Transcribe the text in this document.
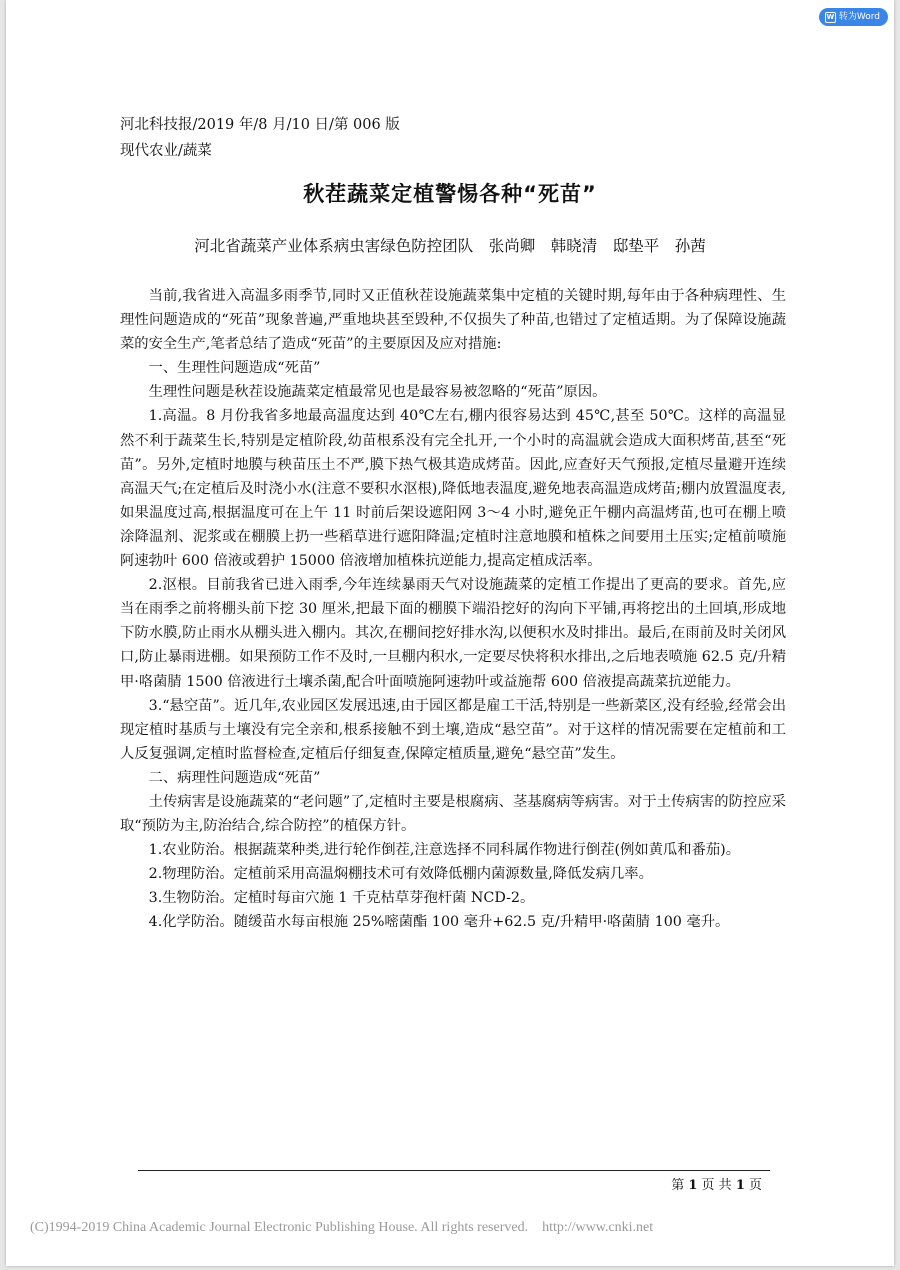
W 转为Word
河北科技报/2019 年/8 月/10 日/第 006 版
现代农业/蔬菜
秋茬蔬菜定植警惕各种“死苗”
河北省蔬菜产业体系病虫害绿色防控团队　张尚卿　韩晓清　邸垫平　孙茜

当前,我省进入高温多雨季节,同时又正值秋茬设施蔬菜集中定植的关键时期,每年由于各种病理性、生理性问题造成的“死苗”现象普遍,严重地块甚至毁种,不仅损失了种苗,也错过了定植适期。为了保障设施蔬菜的安全生产,笔者总结了造成“死苗”的主要原因及应对措施:

一、生理性问题造成“死苗”

生理性问题是秋茬设施蔬菜定植最常见也是最容易被忽略的“死苗”原因。

1.高温。8 月份我省多地最高温度达到 40℃左右,棚内很容易达到 45℃,甚至 50℃。这样的高温显然不利于蔬菜生长,特别是定植阶段,幼苗根系没有完全扎开,一个小时的高温就会造成大面积烤苗,甚至“死苗”。另外,定植时地膜与秧苗压土不严,膜下热气极其造成烤苗。因此,应查好天气预报,定植尽量避开连续高温天气;在定植后及时浇小水(注意不要积水沤根),降低地表温度,避免地表高温造成烤苗;棚内放置温度表,如果温度过高,根据温度可在上午 11 时前后架设遮阳网 3～4 小时,避免正午棚内高温烤苗,也可在棚上喷涂降温剂、泥浆或在棚膜上扔一些稻草进行遮阳降温;定植时注意地膜和植株之间要用土压实;定植前喷施阿速勃叶 600 倍液或碧护 15000 倍液增加植株抗逆能力,提高定植成活率。

2.沤根。目前我省已进入雨季,今年连续暴雨天气对设施蔬菜的定植工作提出了更高的要求。首先,应当在雨季之前将棚头前下挖 30 厘米,把最下面的棚膜下端沿挖好的沟向下平铺,再将挖出的土回填,形成地下防水膜,防止雨水从棚头进入棚内。其次,在棚间挖好排水沟,以便积水及时排出。最后,在雨前及时关闭风口,防止暴雨进棚。如果预防工作不及时,一旦棚内积水,一定要尽快将积水排出,之后地表喷施 62.5 克/升精甲·咯菌腈 1500 倍液进行土壤杀菌,配合叶面喷施阿速勃叶或益施帮 600 倍液提高蔬菜抗逆能力。

3.“悬空苗”。近几年,农业园区发展迅速,由于园区都是雇工干活,特别是一些新菜区,没有经验,经常会出现定植时基质与土壤没有完全亲和,根系接触不到土壤,造成“悬空苗”。对于这样的情况需要在定植前和工人反复强调,定植时监督检查,定植后仔细复查,保障定植质量,避免“悬空苗”发生。

二、病理性问题造成“死苗”

土传病害是设施蔬菜的“老问题”了,定植时主要是根腐病、茎基腐病等病害。对于土传病害的防控应采取“预防为主,防治结合,综合防控”的植保方针。

1.农业防治。根据蔬菜种类,进行轮作倒茬,注意选择不同科属作物进行倒茬(例如黄瓜和番茄)。

2.物理防治。定植前采用高温焖棚技术可有效降低棚内菌源数量,降低发病几率。

3.生物防治。定植时每亩穴施 1 千克枯草芽孢杆菌 NCD-2。

4.化学防治。随缓苗水每亩根施 25%嘧菌酯 100 毫升+62.5 克/升精甲·咯菌腈 100 毫升。

第 1 页 共 1 页
(C)1994-2019 China Academic Journal Electronic Publishing House. All rights reserved.    http://www.cnki.net
